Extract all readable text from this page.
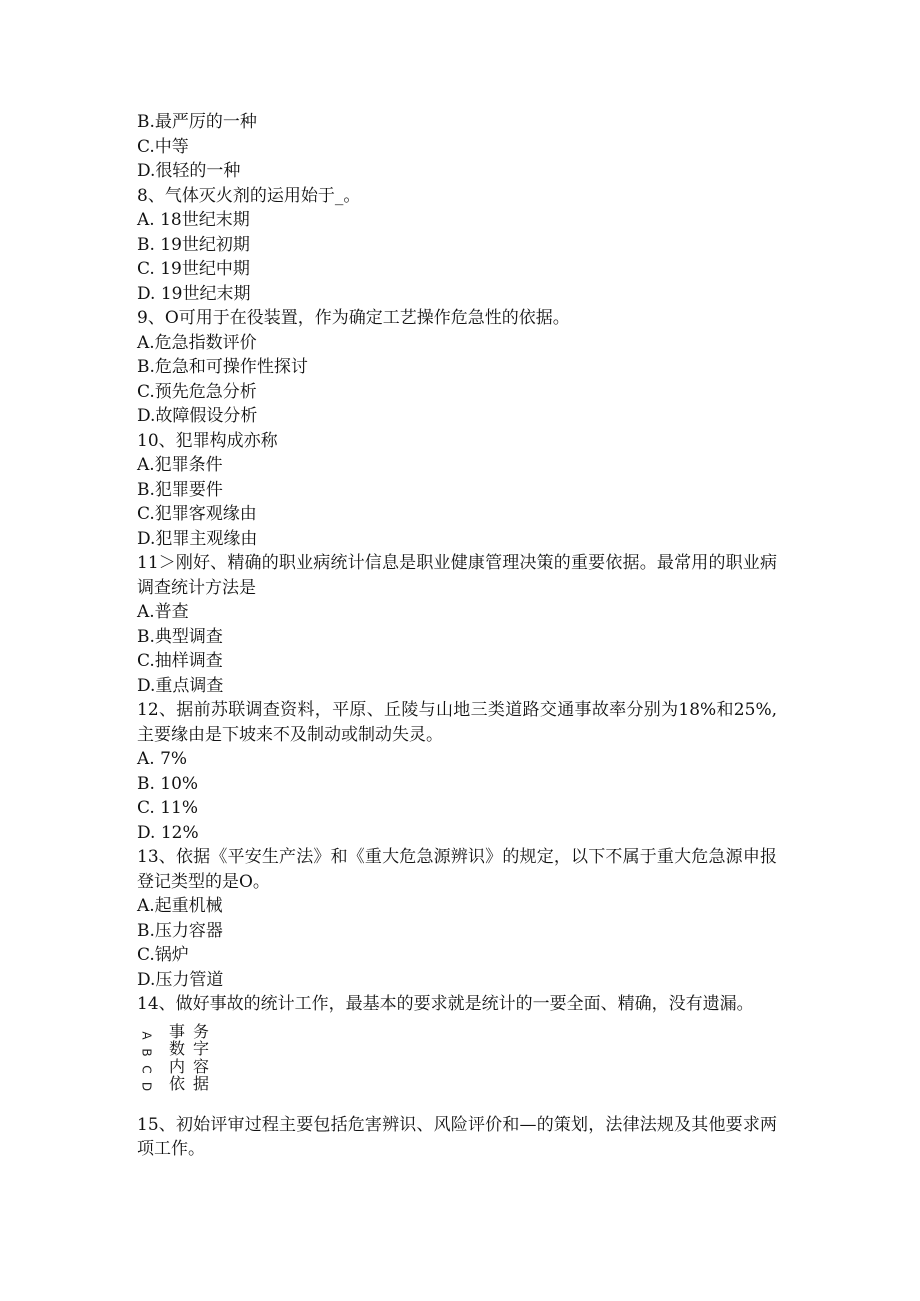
B.最严厉的一种
C.中等
D.很轻的一种
8、气体灭火剂的运用始于_。
A. 18世纪末期
B. 19世纪初期
C. 19世纪中期
D. 19世纪末期
9、O可用于在役装置，作为确定工艺操作危急性的依据。
A.危急指数评价
B.危急和可操作性探讨
C.预先危急分析
D.故障假设分析
10、犯罪构成亦称
A.犯罪条件
B.犯罪要件
C.犯罪客观缘由
D.犯罪主观缘由
11＞刚好、精确的职业病统计信息是职业健康管理决策的重要依据。最常用的职业病调查统计方法是
A.普查
B.典型调查
C.抽样调查
D.重点调查
12、据前苏联调查资料，平原、丘陵与山地三类道路交通事故率分别为18%和25%,主要缘由是下坡来不及制动或制动失灵。
A. 7%
B. 10%
C. 11%
D. 12%
13、依据《平安生产法》和《重大危急源辨识》的规定，以下不属于重大危急源申报登记类型的是O。
A.起重机械
B.压力容器
C.锅炉
D.压力管道
14、做好事故的统计工作，最基本的要求就是统计的一要全面、精确，没有遗漏。
A
B
C
D
事务
数字
内容
依据
15、初始评审过程主要包括危害辨识、风险评价和—的策划，法律法规及其他要求两项工作。
